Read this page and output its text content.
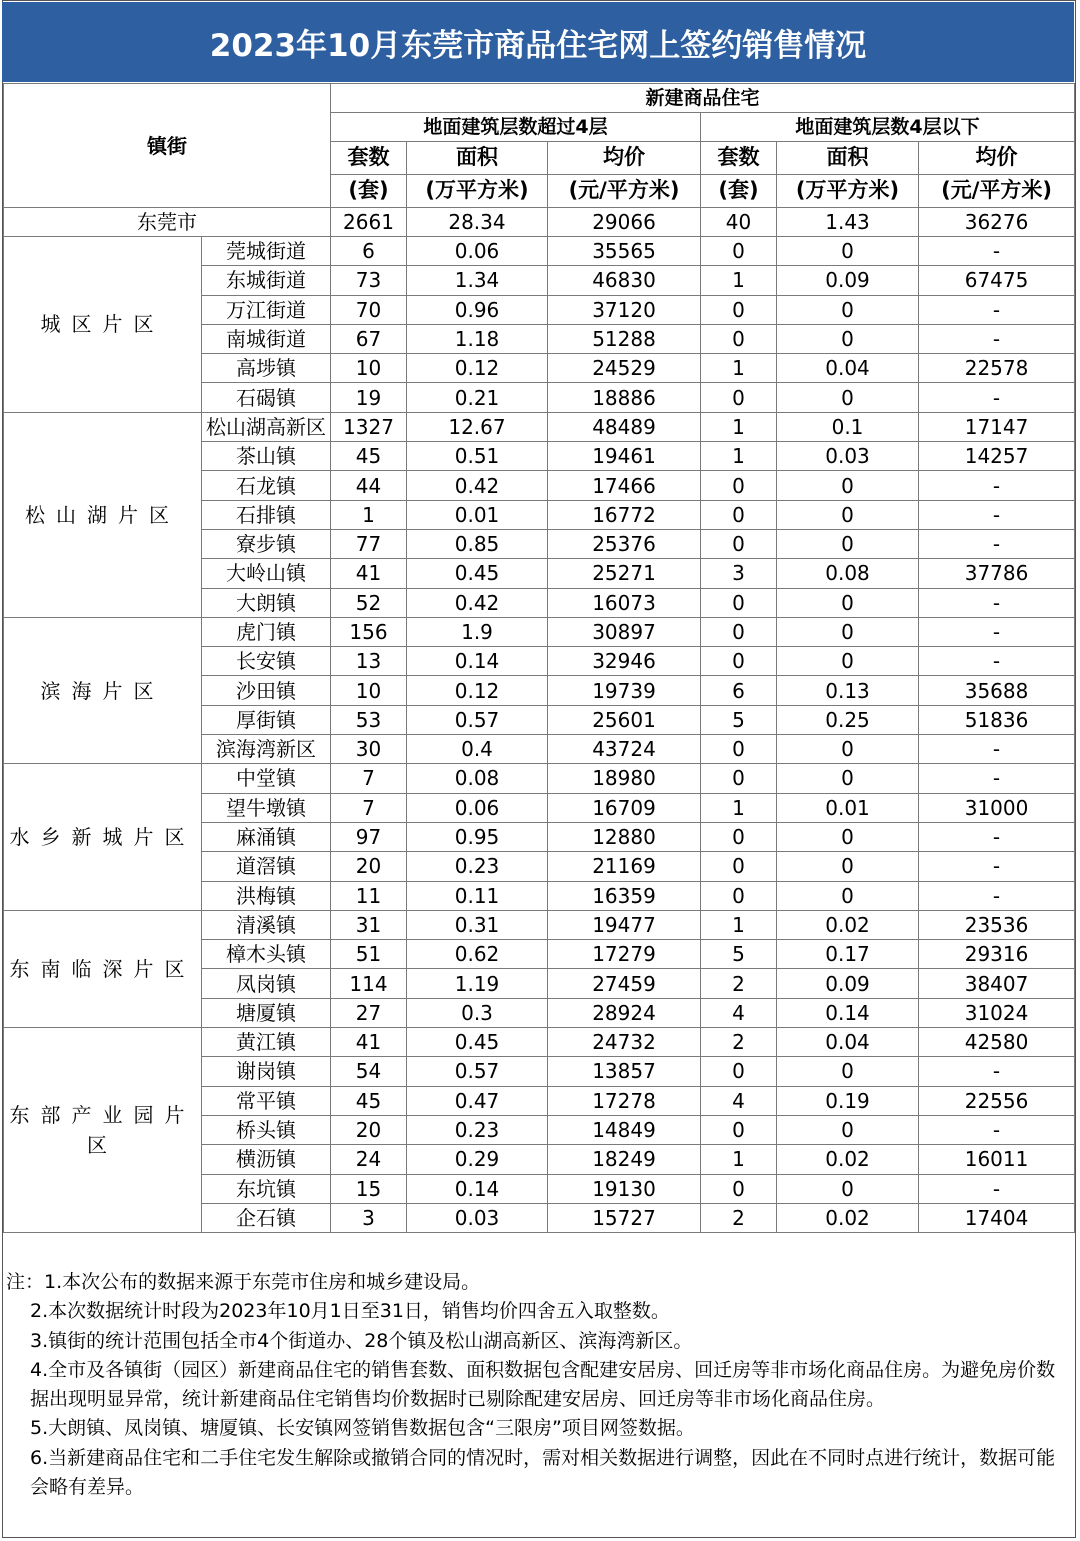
2023年10月东莞市商品住宅网上签约销售情况
镇街		新建商品住宅					
		地面建筑层数超过4层			地面建筑层数4层以下		
		套数	面积	均价	套数	面积	均价
		(套)	(万平方米)	(元/平方米)	(套)	(万平方米)	(元/平方米)
东莞市		2661	28.34	29066	40	1.43	36276
城区片区	莞城街道	6	0.06	35565	0	0	-
	东城街道	73	1.34	46830	1	0.09	67475
	万江街道	70	0.96	37120	0	0	-
	南城街道	67	1.18	51288	0	0	-
	高埗镇	10	0.12	24529	1	0.04	22578
	石碣镇	19	0.21	18886	0	0	-
松山湖片区	松山湖高新区	1327	12.67	48489	1	0.1	17147
	茶山镇	45	0.51	19461	1	0.03	14257
	石龙镇	44	0.42	17466	0	0	-
	石排镇	1	0.01	16772	0	0	-
	寮步镇	77	0.85	25376	0	0	-
	大岭山镇	41	0.45	25271	3	0.08	37786
	大朗镇	52	0.42	16073	0	0	-
滨海片区	虎门镇	156	1.9	30897	0	0	-
	长安镇	13	0.14	32946	0	0	-
	沙田镇	10	0.12	19739	6	0.13	35688
	厚街镇	53	0.57	25601	5	0.25	51836
	滨海湾新区	30	0.4	43724	0	0	-
水乡新城片区	中堂镇	7	0.08	18980	0	0	-
	望牛墩镇	7	0.06	16709	1	0.01	31000
	麻涌镇	97	0.95	12880	0	0	-
	道滘镇	20	0.23	21169	0	0	-
	洪梅镇	11	0.11	16359	0	0	-
东南临深片区	清溪镇	31	0.31	19477	1	0.02	23536
	樟木头镇	51	0.62	17279	5	0.17	29316
	凤岗镇	114	1.19	27459	2	0.09	38407
	塘厦镇	27	0.3	28924	4	0.14	31024
东部产业园片区	黄江镇	41	0.45	24732	2	0.04	42580
	谢岗镇	54	0.57	13857	0	0	-
	常平镇	45	0.47	17278	4	0.19	22556
	桥头镇	20	0.23	14849	0	0	-
	横沥镇	24	0.29	18249	1	0.02	16011
	东坑镇	15	0.14	19130	0	0	-
	企石镇	3	0.03	15727	2	0.02	17404
注：1.本次公布的数据来源于东莞市住房和城乡建设局。
2.本次数据统计时段为2023年10月1日至31日，销售均价四舍五入取整数。
3.镇街的统计范围包括全市4个街道办、28个镇及松山湖高新区、滨海湾新区。
4.全市及各镇街（园区）新建商品住宅的销售套数、面积数据包含配建安居房、回迁房等非市场化商品住房。为避免房价数据出现明显异常，统计新建商品住宅销售均价数据时已剔除配建安居房、回迁房等非市场化商品住房。
5.大朗镇、凤岗镇、塘厦镇、长安镇网签销售数据包含“三限房”项目网签数据。
6.当新建商品住宅和二手住宅发生解除或撤销合同的情况时，需对相关数据进行调整，因此在不同时点进行统计，数据可能会略有差异。
